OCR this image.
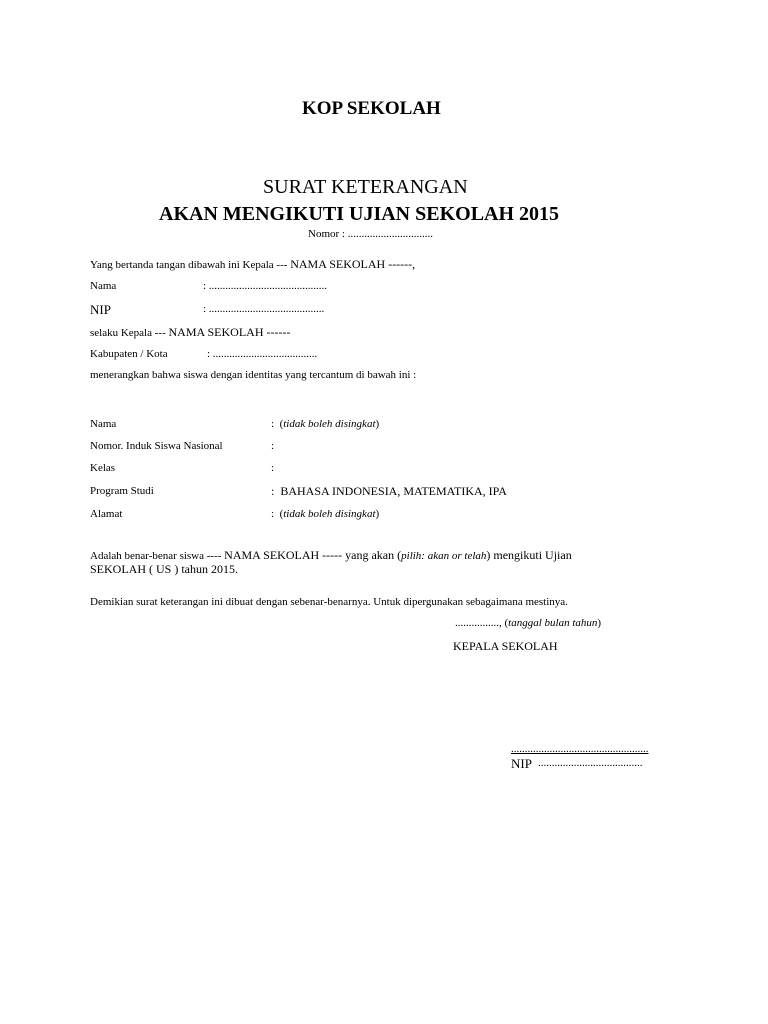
KOP SEKOLAH
SURAT KETERANGAN
AKAN MENGIKUTI UJIAN SEKOLAH 2015
Nomor : ...............................
Yang bertanda tangan dibawah ini Kepala --- NAMA SEKOLAH ------,
Nama	: ...........................................
NIP	: ..........................................
selaku Kepala --- NAMA SEKOLAH ------
Kabupaten / Kota	: ......................................
menerangkan bahwa siswa dengan identitas yang tercantum di bawah ini :
Nama	: (tidak boleh disingkat)
Nomor. Induk Siswa Nasional	:
Kelas	:
Program Studi	: BAHASA INDONESIA, MATEMATIKA, IPA
Alamat	: (tidak boleh disingkat)
Adalah benar-benar siswa ---- NAMA SEKOLAH ----- yang akan (pilih: akan or telah) mengikuti Ujian
SEKOLAH ( US ) tahun 2015.
Demikian surat keterangan ini dibuat dengan sebenar-benarnya. Untuk dipergunakan sebagaimana mestinya.
................, (tanggal bulan tahun)
KEPALA SEKOLAH
..................................................
NIP ......................................
